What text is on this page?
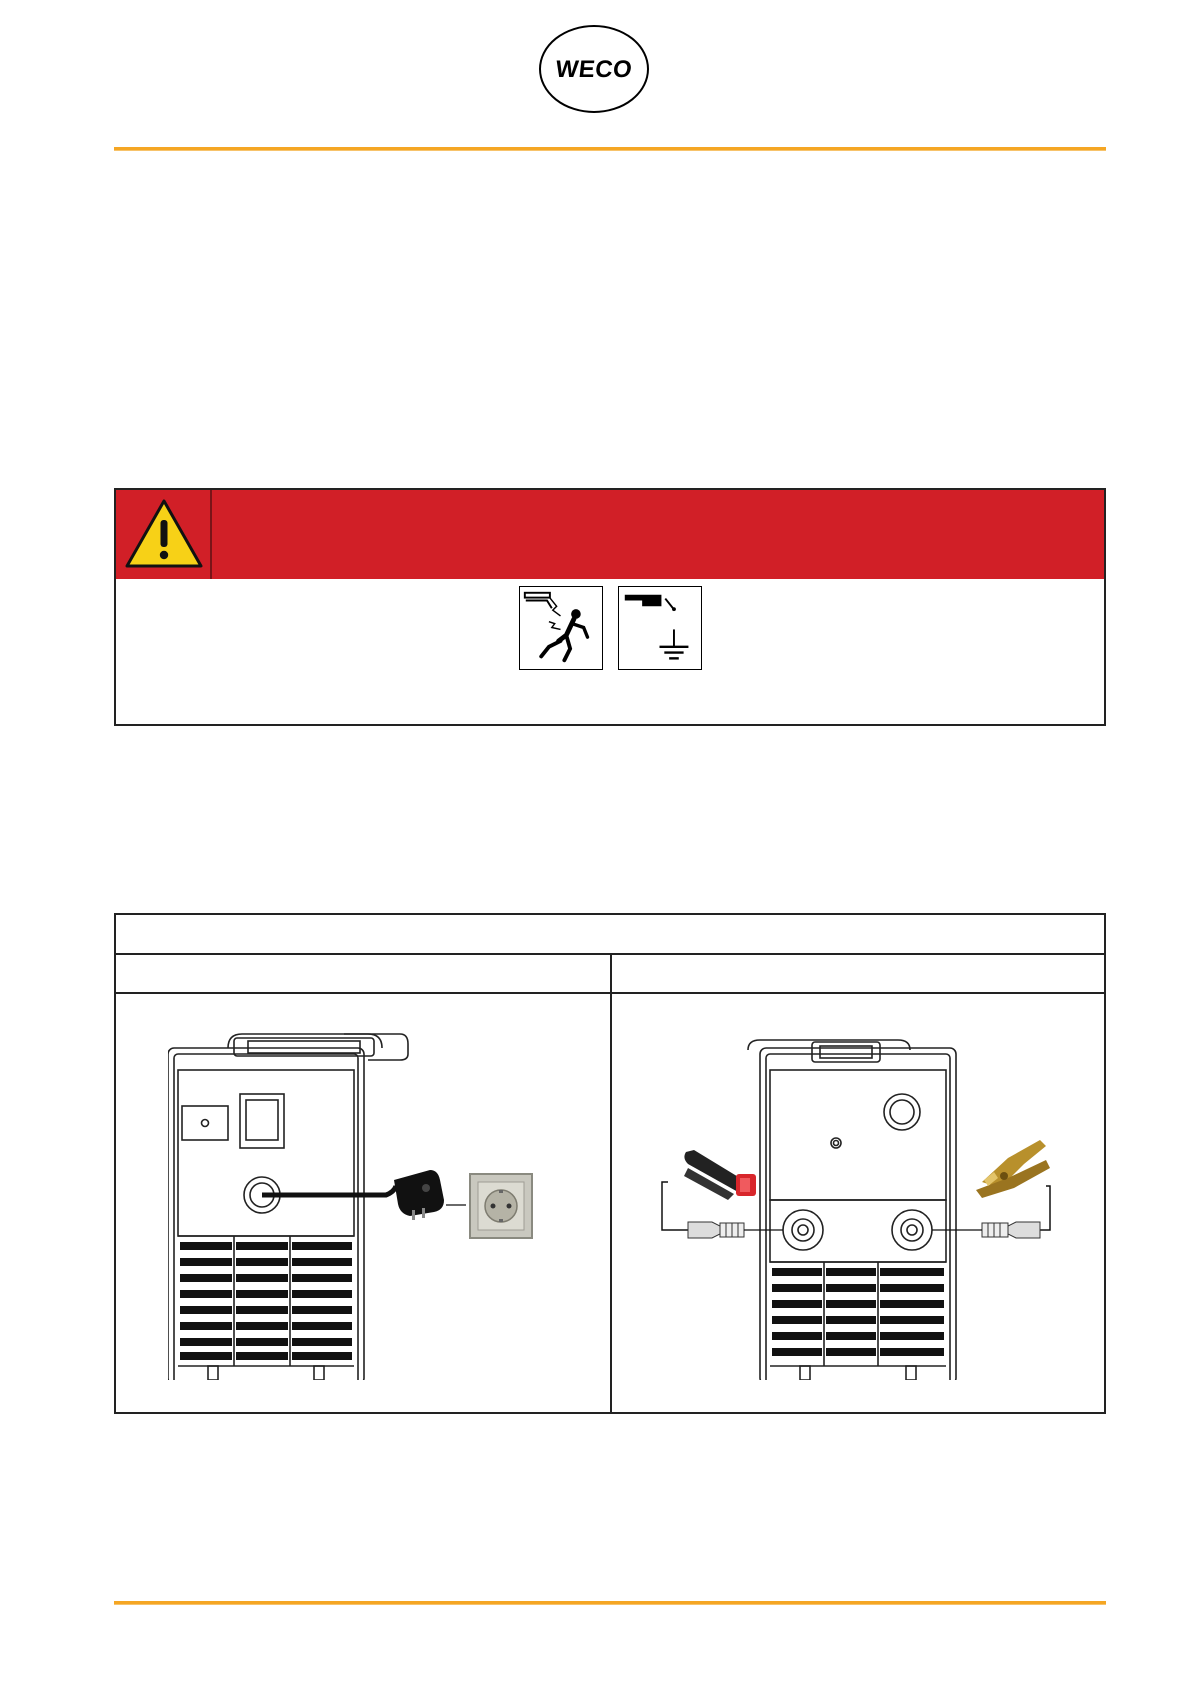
WECO
